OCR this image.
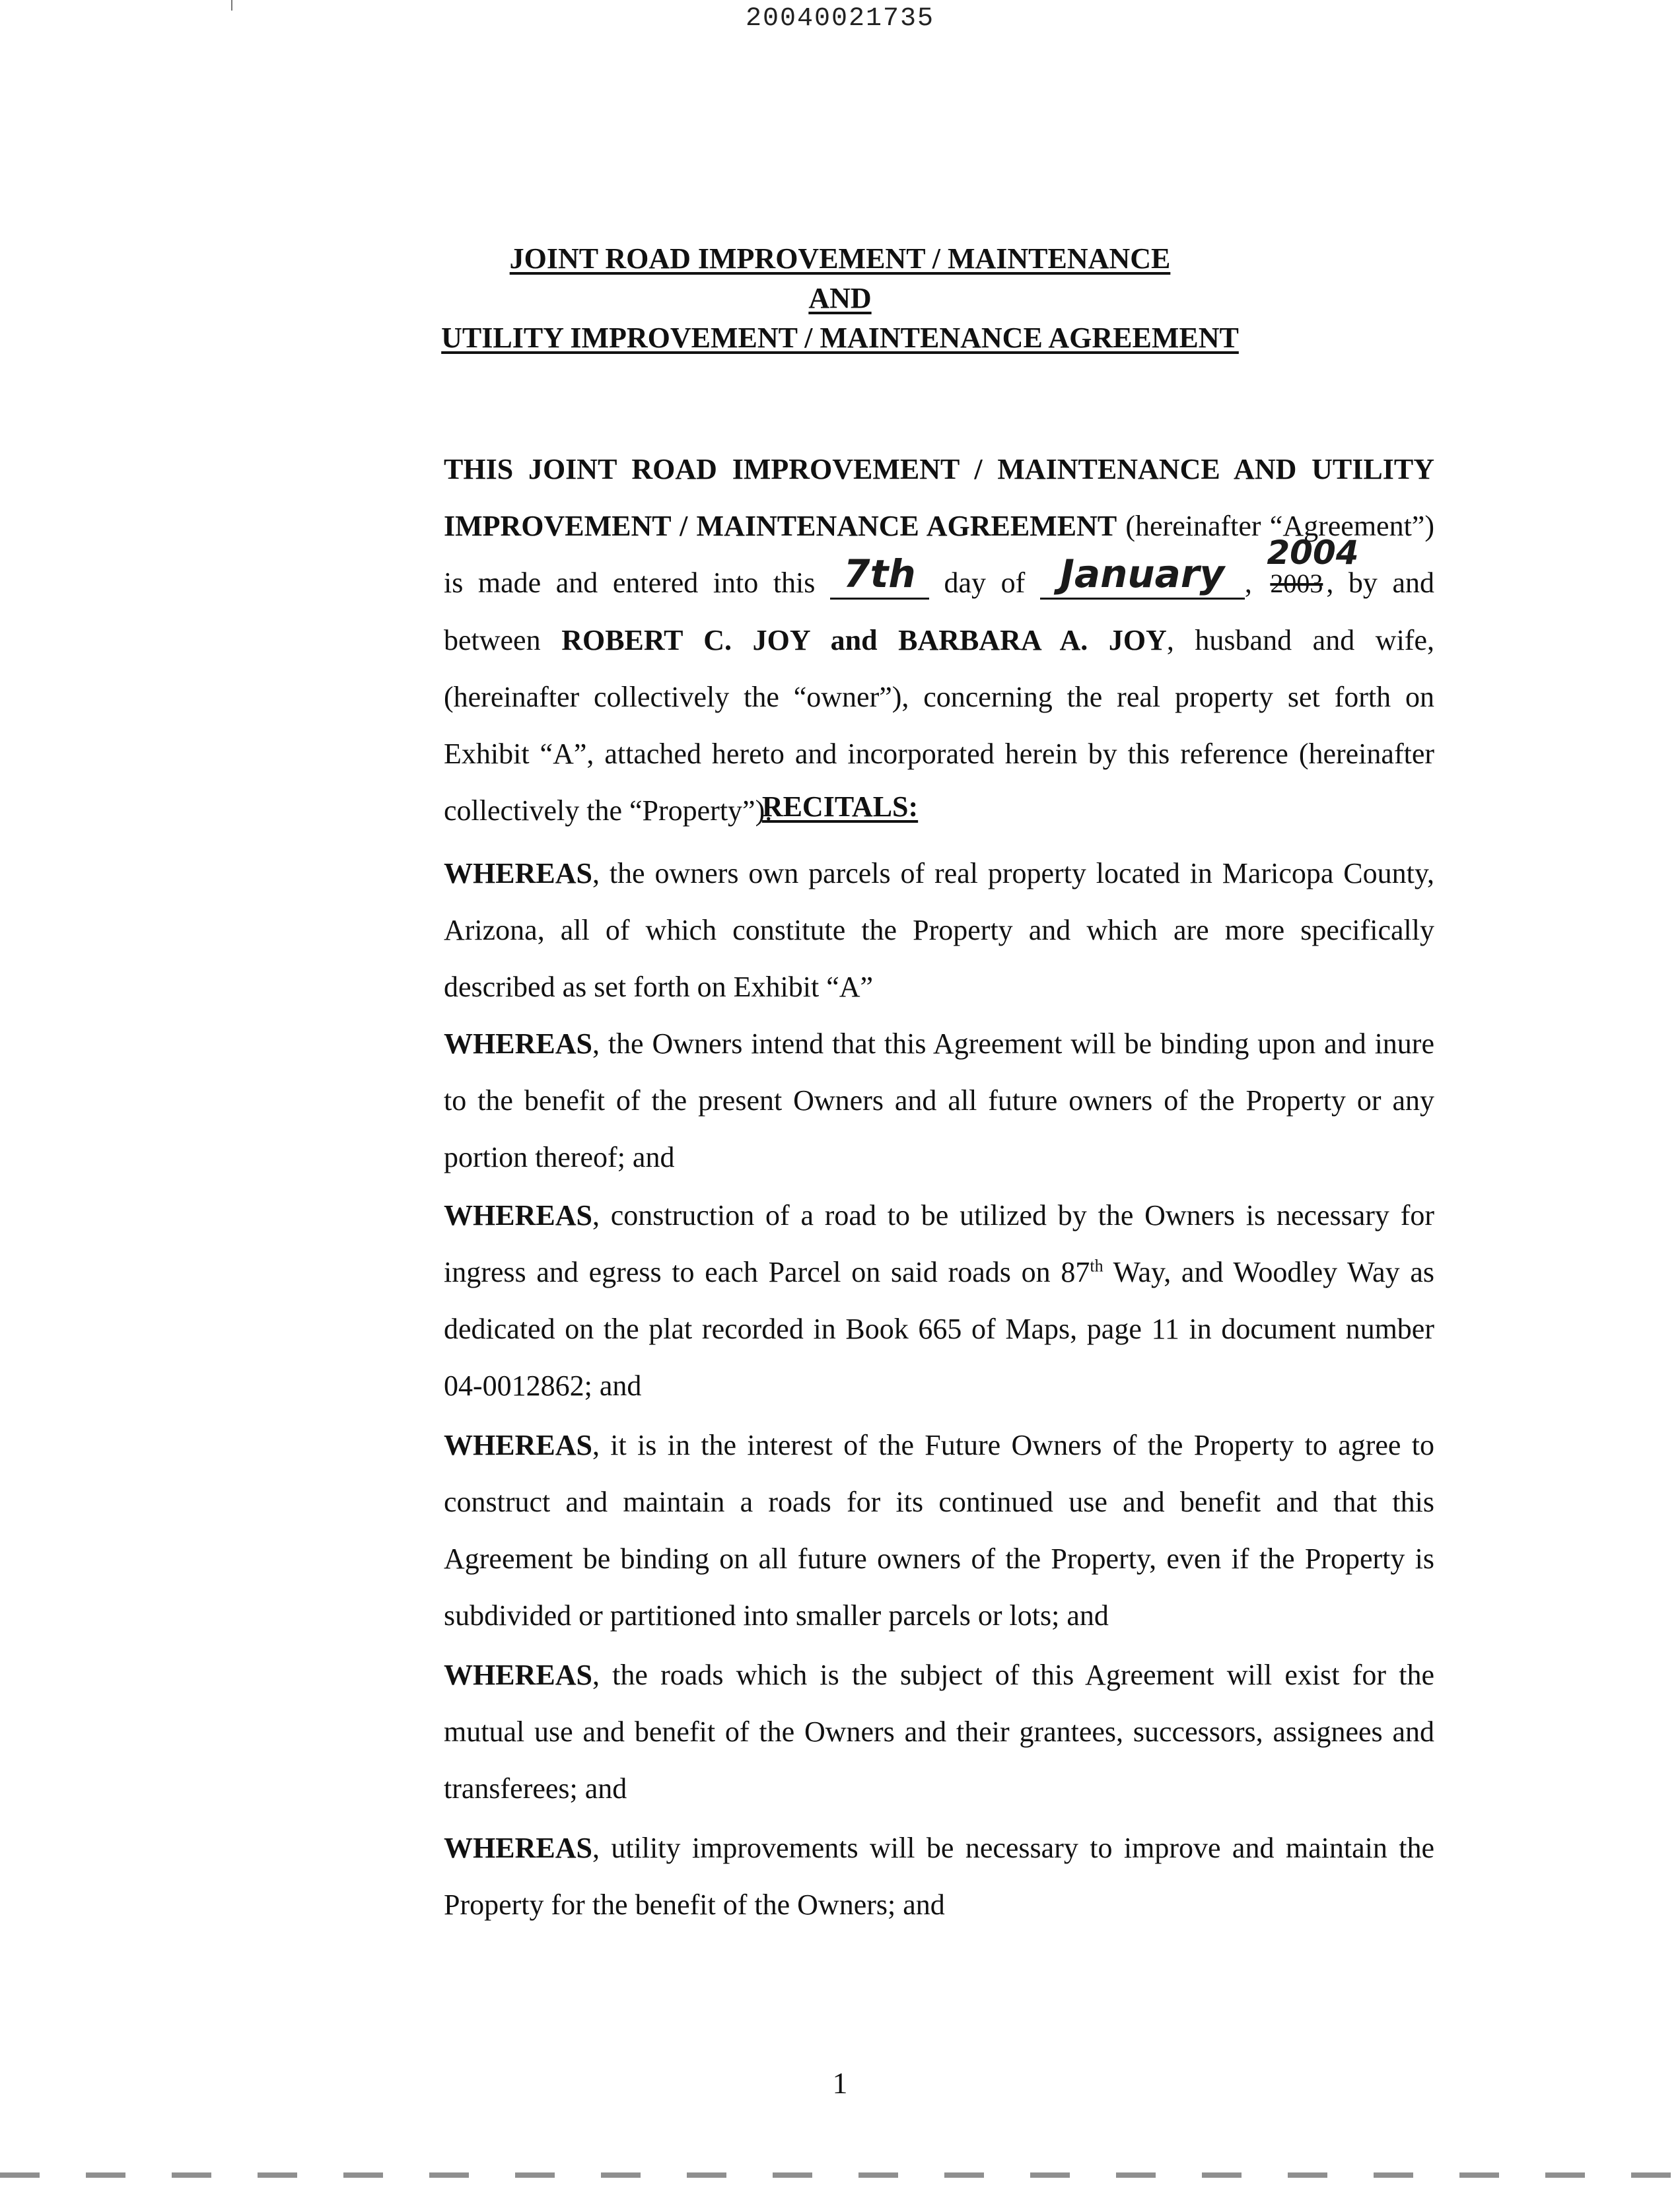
20040021735
JOINT ROAD IMPROVEMENT / MAINTENANCE
AND
UTILITY IMPROVEMENT / MAINTENANCE AGREEMENT
THIS JOINT ROAD IMPROVEMENT / MAINTENANCE AND UTILITY IMPROVEMENT / MAINTENANCE AGREEMENT (hereinafter “Agreement”) is made and entered into this 7th day of January , 2003
2004
, by and between ROBERT C. JOY and BARBARA A. JOY, husband and wife, (hereinafter collectively the “owner”), concerning the real property set forth on Exhibit “A”, attached hereto and incorporated herein by this reference (hereinafter collectively the “Property”).
RECITALS:
WHEREAS, the owners own parcels of real property located in Maricopa County, Arizona, all of which constitute the Property and which are more specifically described as set forth on Exhibit “A”
WHEREAS, the Owners intend that this Agreement will be binding upon and inure to the benefit of the present Owners and all future owners of the Property or any portion thereof; and
WHEREAS, construction of a road to be utilized by the Owners is necessary for ingress and egress to each Parcel on said roads on 87th Way, and Woodley Way as dedicated on the plat recorded in Book 665 of Maps, page 11 in document number 04-0012862; and
WHEREAS, it is in the interest of the Future Owners of the Property to agree to construct and maintain a roads for its continued use and benefit and that this Agreement be binding on all future owners of the Property, even if the Property is subdivided or partitioned into smaller parcels or lots; and
WHEREAS, the roads which is the subject of this Agreement will exist for the mutual use and benefit of the Owners and their grantees, successors, assignees and transferees; and
WHEREAS, utility improvements will be necessary to improve and maintain the Property for the benefit of the Owners; and
1
